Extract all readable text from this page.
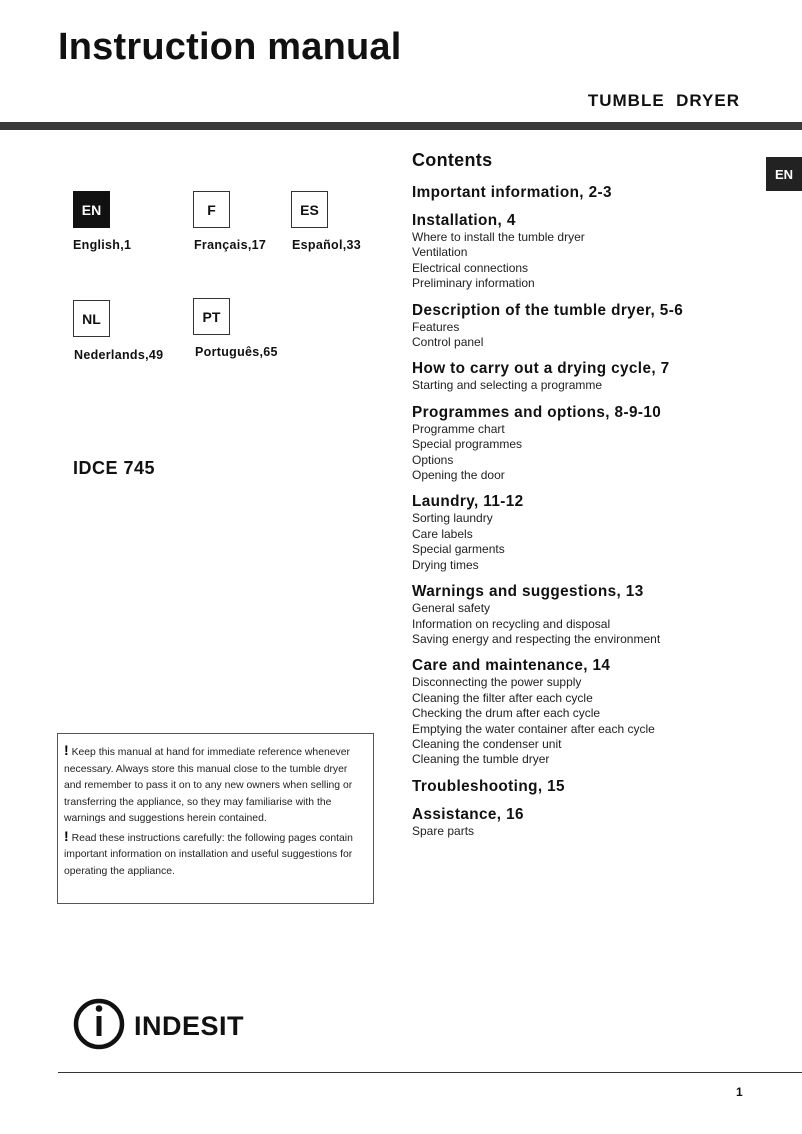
Instruction manual
TUMBLE  DRYER
EN
EN
English,1
F
Français,17
ES
Español,33
NL
Nederlands,49
PT
Português,65
IDCE 745

! Keep this manual at hand for immediate reference whenever necessary. Always store this manual close to the tumble dryer and remember to pass it on to any new owners when selling or transferring the appliance, so they may familiarise with the warnings and suggestions herein contained.

! Read these instructions carefully: the following pages contain important information on installation and useful suggestions for operating the appliance.

Contents
Important information, 2-3
Installation, 4
Where to install the tumble dryer
Ventilation
Electrical connections
Preliminary information
Description of the tumble dryer, 5-6
Features
Control panel
How to carry out a drying cycle, 7
Starting and selecting a programme
Programmes and options, 8-9-10
Programme chart
Special programmes
Options
Opening the door
Laundry, 11-12
Sorting laundry
Care labels
Special garments
Drying times
Warnings and suggestions, 13
General safety
Information on recycling and disposal
Saving energy and respecting the environment
Care and maintenance, 14
Disconnecting the power supply
Cleaning the filter after each cycle
Checking the drum after each cycle
Emptying the water container after each cycle
Cleaning the condenser unit
Cleaning the tumble dryer
Troubleshooting, 15
Assistance, 16
Spare parts
INDESIT
1
